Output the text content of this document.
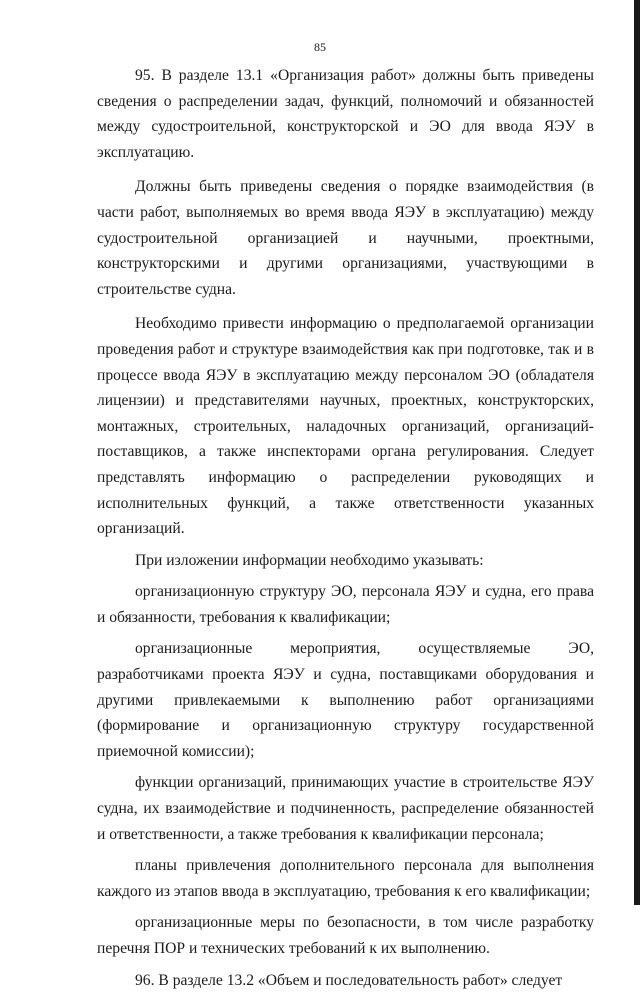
85

95. В разделе 13.1 «Организация работ» должны быть приведены сведения о распределении задач, функций, полномочий и обязанностей между судостроительной, конструкторской и ЭО для ввода ЯЭУ в эксплуатацию.

Должны быть приведены сведения о порядке взаимодействия (в части работ, выполняемых во время ввода ЯЭУ в эксплуатацию) между судостроительной организацией и научными, проектными, конструкторскими и другими организациями, участвующими в строительстве судна.

Необходимо привести информацию о предполагаемой организации проведения работ и структуре взаимодействия как при подготовке, так и в процессе ввода ЯЭУ в эксплуатацию между персоналом ЭО (обладателя лицензии) и представителями научных, проектных, конструкторских, монтажных, строительных, наладочных организаций, организаций-поставщиков, а также инспекторами органа регулирования. Следует представлять информацию о распределении руководящих и исполнительных функций, а также ответственности указанных организаций.

При изложении информации необходимо указывать:

организационную структуру ЭО, персонала ЯЭУ и судна, его права и обязанности, требования к квалификации;

организационные мероприятия, осуществляемые ЭО, разработчиками проекта ЯЭУ и судна, поставщиками оборудования и другими привлекаемыми к выполнению работ организациями (формирование и организационную структуру государственной приемочной комиссии);

функции организаций, принимающих участие в строительстве ЯЭУ судна, их взаимодействие и подчиненность, распределение обязанностей и ответственности, а также требования к квалификации персонала;

планы привлечения дополнительного персонала для выполнения каждого из этапов ввода в эксплуатацию, требования к его квалификации;

организационные меры по безопасности, в том числе разработку перечня ПОР и технических требований к их выполнению.

96. В разделе 13.2 «Объем и последовательность работ» следует
